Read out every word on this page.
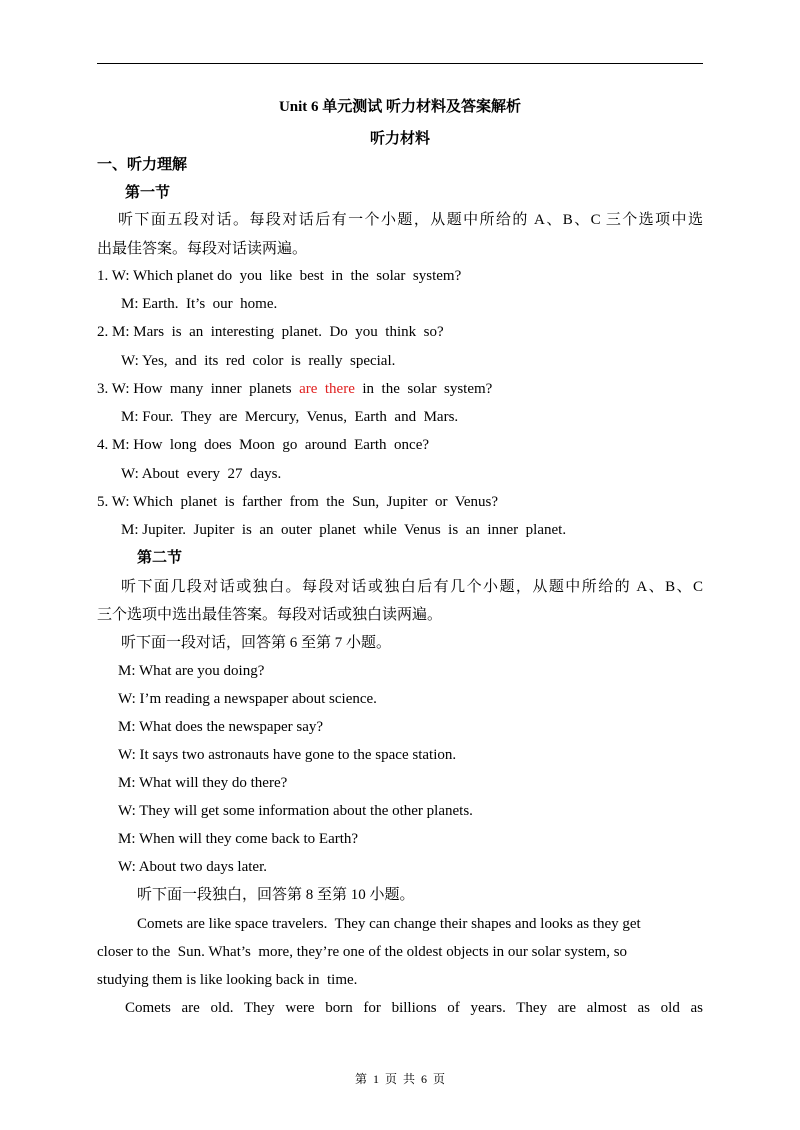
Unit 6 单元测试 听力材料及答案解析
听力材料
一、听力理解
第一节
听下面五段对话。每段对话后有一个小题，从题中所给的 A、B、C 三个选项中选
出最佳答案。每段对话读两遍。
1. W: Which planet do  you  like  best  in  the  solar  system?
M: Earth.  It’s  our  home.
2. M: Mars  is  an  interesting  planet.  Do  you  think  so?
W: Yes,  and  its  red  color  is  really  special.
3. W: How  many  inner  planets  are  there  in  the  solar  system?
M: Four.  They  are  Mercury,  Venus,  Earth  and  Mars.
4. M: How  long  does  Moon  go  around  Earth  once?
W: About  every  27  days.
5. W: Which  planet  is  farther  from  the  Sun,  Jupiter  or  Venus?
M: Jupiter.  Jupiter  is  an  outer  planet  while  Venus  is  an  inner  planet.
第二节
听下面几段对话或独白。每段对话或独白后有几个小题，从题中所给的 A、B、C
三个选项中选出最佳答案。每段对话或独白读两遍。
听下面一段对话，回答第 6 至第 7 小题。
M: What are you doing?
W: I’m reading a newspaper about science.
M: What does the newspaper say?
W: It says two astronauts have gone to the space station.
M: What will they do there?
W: They will get some information about the other planets.
M: When will they come back to Earth?
W: About two days later.
听下面一段独白，回答第 8 至第 10 小题。
Comets are like space travelers.  They can change their shapes and looks as they get
closer to the  Sun. What’s  more, they’re one of the oldest objects in our solar system, so
studying them is like looking back in  time.
Comets are old. They were born for billions of years. They are almost as old as
第  1  页  共  6  页
